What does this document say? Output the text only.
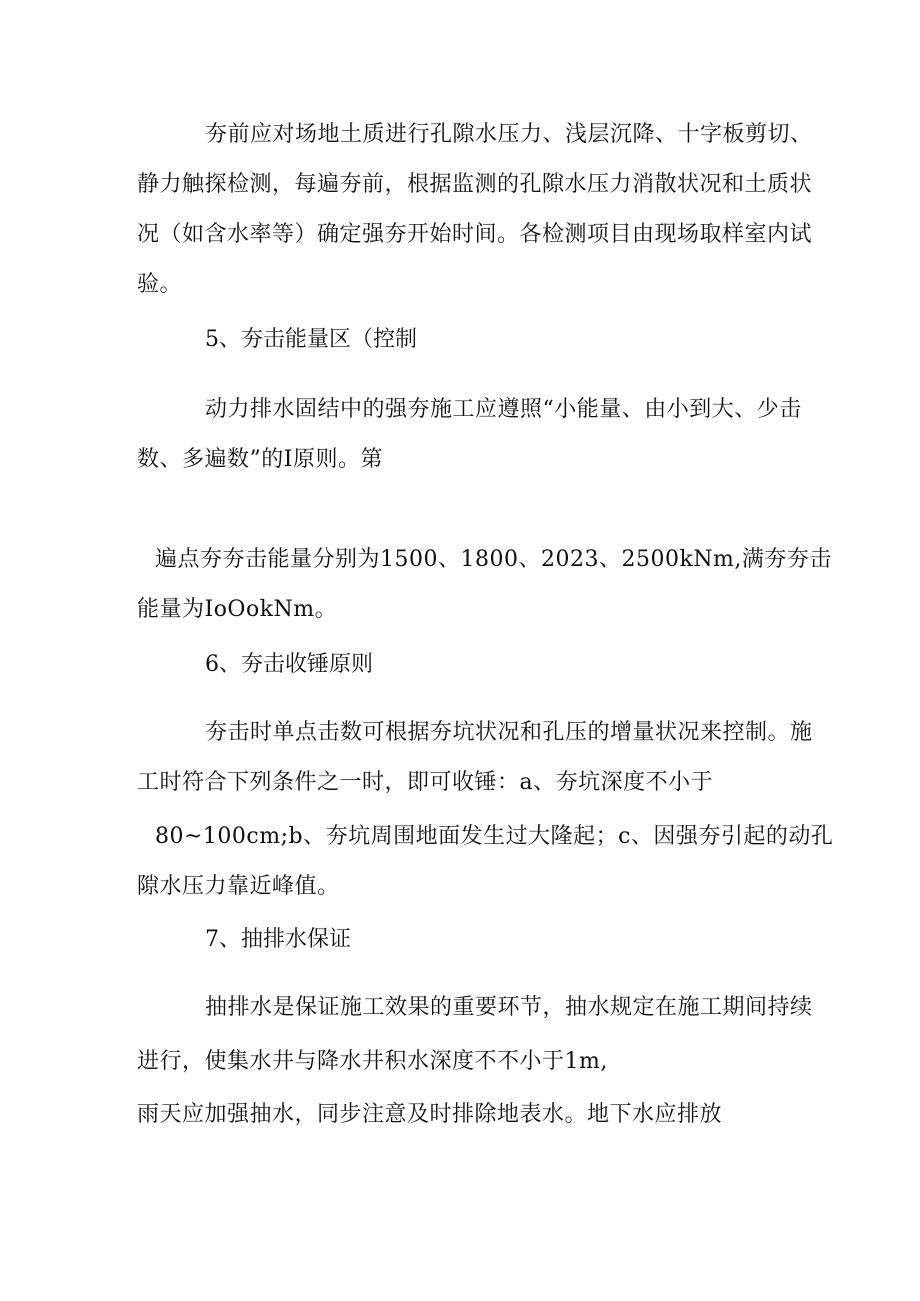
夯前应对场地土质进行孔隙水压力、浅层沉降、十字板剪切、
静力触探检测，每遍夯前，根据监测的孔隙水压力消散状况和土质状
况（如含水率等）确定强夯开始时间。各检测项目由现场取样室内试
验。
5、夯击能量区（控制
动力排水固结中的强夯施工应遵照“小能量、由小到大、少击
数、多遍数”的I原则。第
遍点夯夯击能量分别为1500、1800、2023、2500kNm,满夯夯击
能量为IoOokNm。
6、夯击收锤原则
夯击时单点击数可根据夯坑状况和孔压的增量状况来控制。施
工时符合下列条件之一时，即可收锤：a、夯坑深度不小于
80~100cm;b、夯坑周围地面发生过大隆起；c、因强夯引起的动孔
隙水压力靠近峰值。
7、抽排水保证
抽排水是保证施工效果的重要环节，抽水规定在施工期间持续
进行，使集水井与降水井积水深度不不小于1m,
雨天应加强抽水，同步注意及时排除地表水。地下水应排放
